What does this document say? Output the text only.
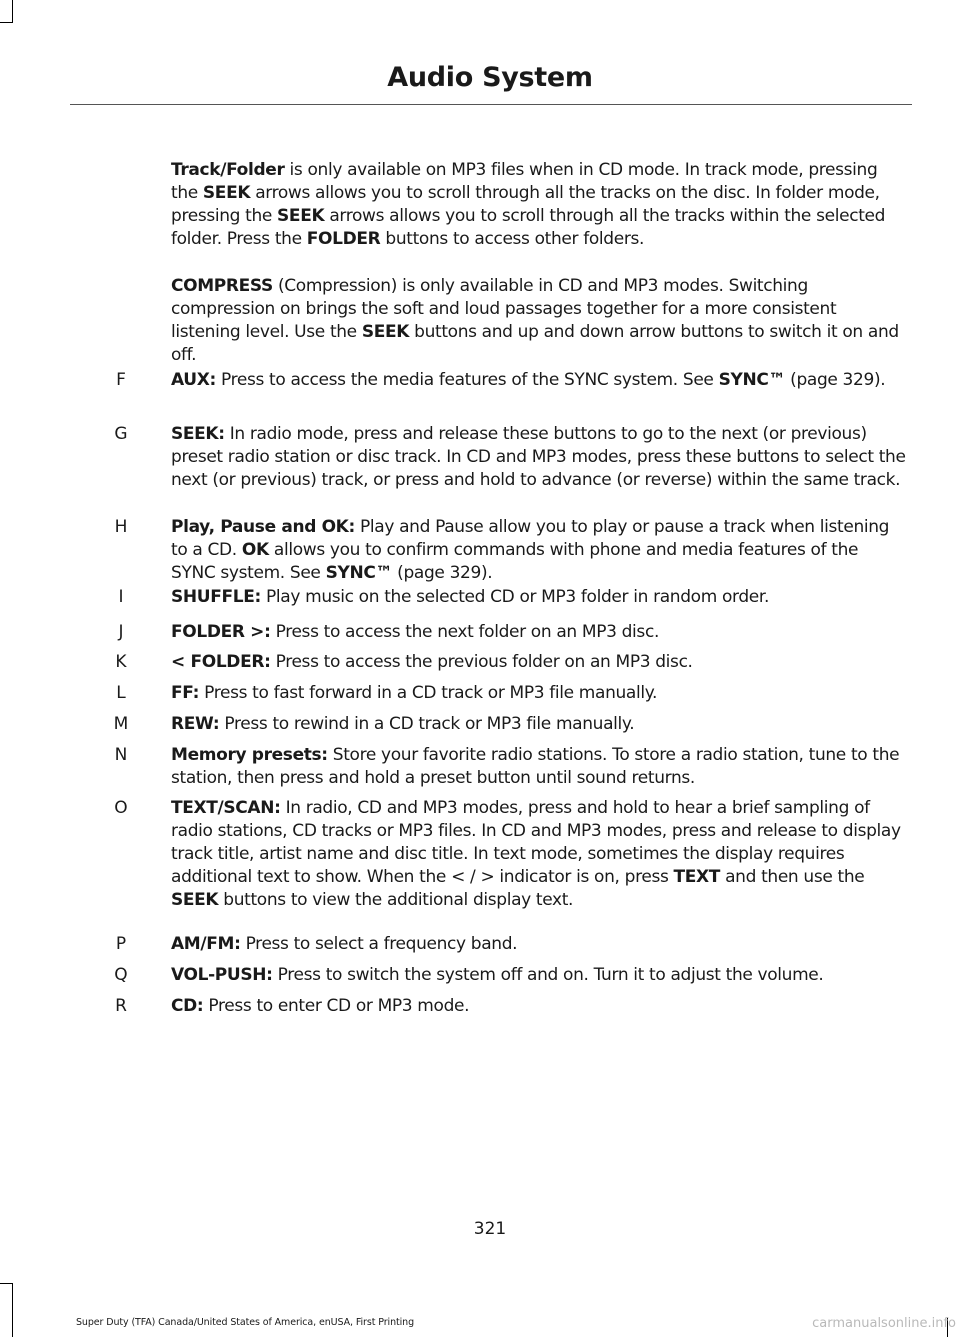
Audio System
Track/Folder is only available on MP3 files when in CD mode. In track mode, pressing the SEEK arrows allows you to scroll through all the tracks on the disc. In folder mode, pressing the SEEK arrows allows you to scroll through all the tracks within the selected folder. Press the FOLDER buttons to access other folders.
COMPRESS (Compression) is only available in CD and MP3 modes. Switching compression on brings the soft and loud passages together for a more consistent listening level. Use the SEEK buttons and up and down arrow buttons to switch it on and off.
F	AUX: Press to access the media features of the SYNC system. See SYNC™ (page 329).
G	SEEK: In radio mode, press and release these buttons to go to the next (or previous) preset radio station or disc track. In CD and MP3 modes, press these buttons to select the next (or previous) track, or press and hold to advance (or reverse) within the same track.
H	Play, Pause and OK: Play and Pause allow you to play or pause a track when listening to a CD. OK allows you to confirm commands with phone and media features of the SYNC system. See SYNC™ (page 329).
I	SHUFFLE: Play music on the selected CD or MP3 folder in random order.
J	FOLDER >: Press to access the next folder on an MP3 disc.
K	< FOLDER: Press to access the previous folder on an MP3 disc.
L	FF: Press to fast forward in a CD track or MP3 file manually.
M	REW: Press to rewind in a CD track or MP3 file manually.
N	Memory presets: Store your favorite radio stations. To store a radio station, tune to the station, then press and hold a preset button until sound returns.
O	TEXT/SCAN: In radio, CD and MP3 modes, press and hold to hear a brief sampling of radio stations, CD tracks or MP3 files. In CD and MP3 modes, press and release to display track title, artist name and disc title. In text mode, sometimes the display requires additional text to show. When the < / > indicator is on, press TEXT and then use the SEEK buttons to view the additional display text.
P	AM/FM: Press to select a frequency band.
Q	VOL-PUSH: Press to switch the system off and on. Turn it to adjust the volume.
R	CD: Press to enter CD or MP3 mode.
321
Super Duty (TFA) Canada/United States of America, enUSA, First Printing	carmanualsonline.info
